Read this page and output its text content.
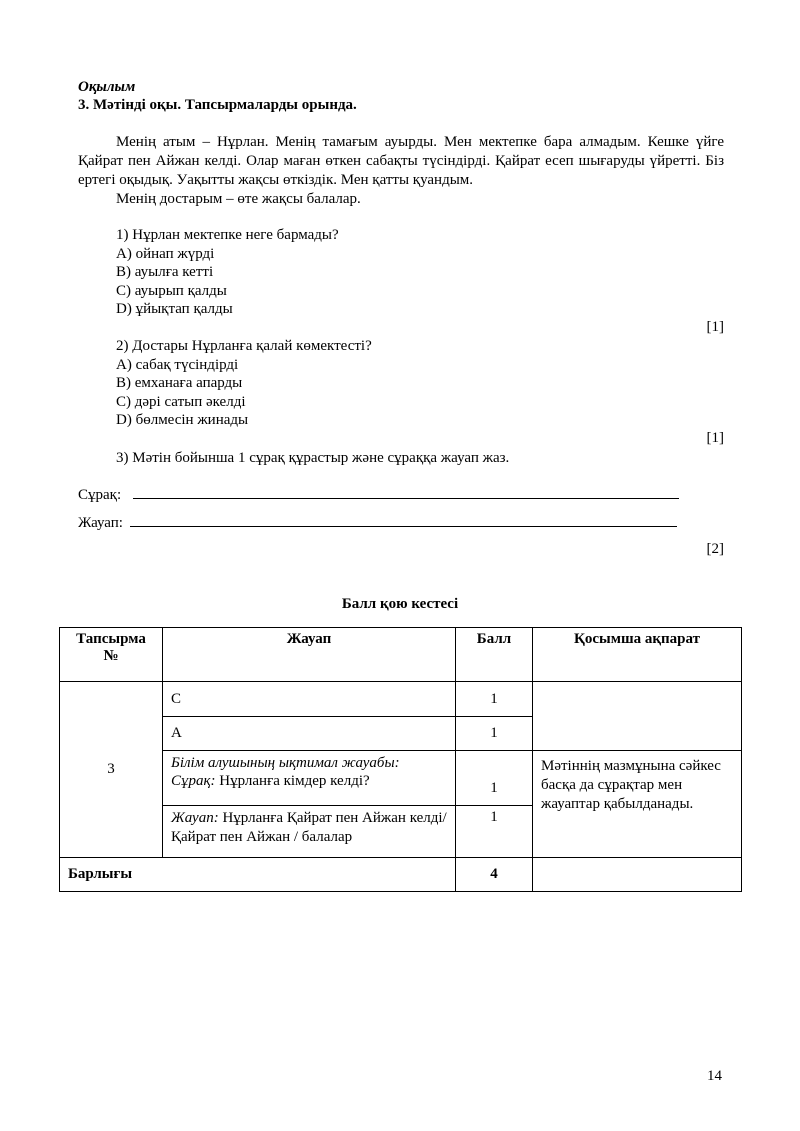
Оқылым
3. Мәтінді оқы. Тапсырмаларды орында.

Менің атым – Нұрлан. Менің тамағым ауырды. Мен мектепке бара алмадым. Кешке үйге Қайрат пен Айжан келді. Олар маған өткен сабақты түсіндірді. Қайрат есеп шығаруды үйретті. Біз ертегі оқыдық. Уақытты жақсы өткіздік. Мен қатты қуандым.

Менің достарым – өте жақсы балалар.

1) Нұрлан мектепке неге бармады?
A) ойнап жүрді
B) ауылға кетті
C) ауырып қалды
D) ұйықтап қалды
[1]
2) Достары Нұрланға қалай көмектесті?
A) сабақ түсіндірді
B) емханаға апарды
C) дәрі сатып әкелді
D) бөлмесін жинады
[1]
3) Мәтін бойынша 1 сұрақ құрастыр және сұраққа жауап жаз.
Сұрақ:
Жауап:
[2]
Балл қою кестесі
Тапсырма №	Жауап	Балл	Қосымша ақпарат
3	C	1	
	A	1	

	Білім алушының ықтимал жауабы:
Сұрақ: Нұрланға кімдер келді?	1	Мәтіннің мазмұнына сәйкес басқа да сұрақтар мен жауаптар қабылданады.
	Жауап: Нұрланға Қайрат пен Айжан келді/ Қайрат пен Айжан / балалар	1	
Барлығы		4	
14
